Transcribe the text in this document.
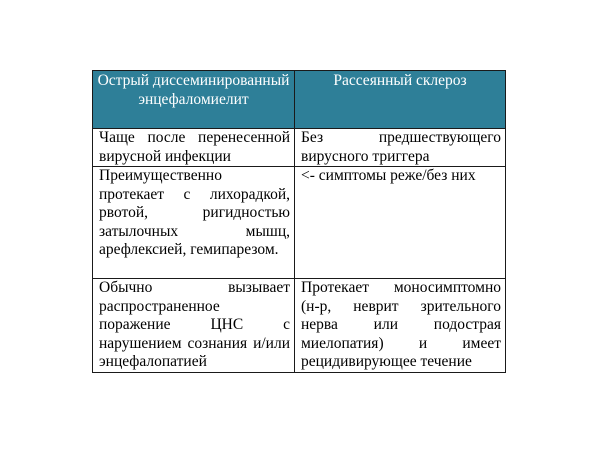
Острый диссеминированный энцефаломиелит	Рассеянный склероз
Чаще после перенесенной вирусной инфекции	Без предшествующего вирусного триггера
Преимущественно протекает с лихорадкой, рвотой, ригидностью затылочных мышц, арефлексией, гемипарезом.	<- симптомы реже/без них
Обычно вызывает распространенное поражение ЦНС с нарушением сознания и/или энцефалопатией	Протекает моносимптомно (н-р, неврит зрительного нерва или подострая миелопатия) и имеет рецидивирующее течение
